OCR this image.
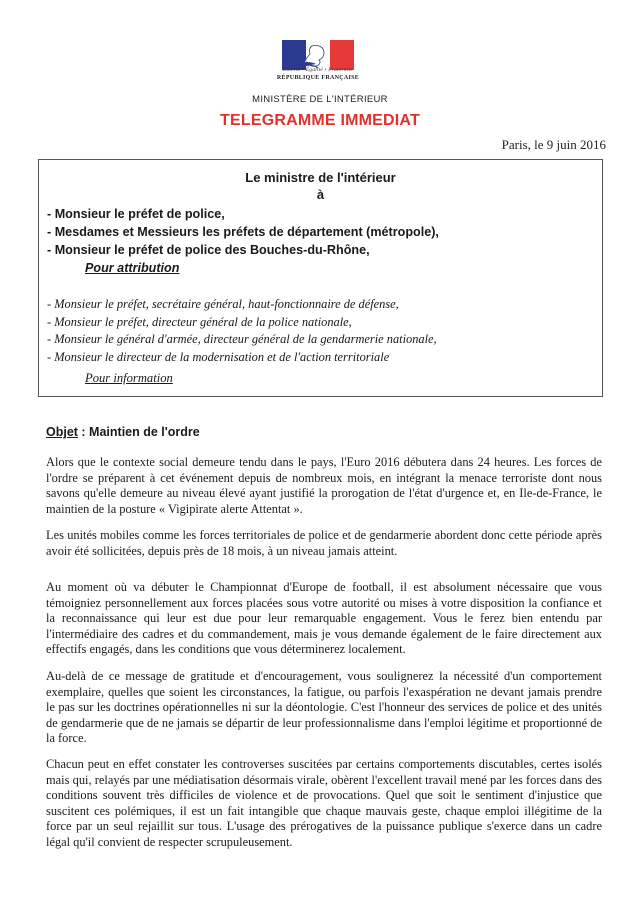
Liberté • Égalité • Fraternité
RÉPUBLIQUE FRANÇAISE
MINISTÈRE DE L'INTÉRIEUR
TELEGRAMME IMMEDIAT
Paris, le 9 juin 2016
Le ministre de l'intérieur
à
- Monsieur le préfet de police,
- Mesdames et Messieurs les préfets de département (métropole),
- Monsieur le préfet de police des Bouches-du-Rhône,
Pour attribution
- Monsieur le préfet, secrétaire général, haut-fonctionnaire de défense,
- Monsieur le préfet, directeur général de la police nationale,
- Monsieur le général d'armée, directeur général de la gendarmerie nationale,
- Monsieur le directeur de la modernisation et de l'action territoriale
Pour information
Objet : Maintien de l'ordre
Alors que le contexte social demeure tendu dans le pays, l'Euro 2016 débutera dans 24 heures. Les forces de l'ordre se préparent à cet événement depuis de nombreux mois, en intégrant la menace terroriste dont nous savons qu'elle demeure au niveau élevé ayant justifié la prorogation de l'état d'urgence et, en Ile-de-France, le maintien de la posture « Vigipirate alerte Attentat ».
Les unités mobiles comme les forces territoriales de police et de gendarmerie abordent donc cette période après avoir été sollicitées, depuis près de 18 mois, à un niveau jamais atteint.
Au moment où va débuter le Championnat d'Europe de football, il est absolument nécessaire que vous témoigniez personnellement aux forces placées sous votre autorité ou mises à votre disposition la confiance et la reconnaissance qui leur est due pour leur remarquable engagement. Vous le ferez bien entendu par l'intermédiaire des cadres et du commandement, mais je vous demande également de le faire directement aux effectifs engagés, dans les conditions que vous déterminerez localement.
Au-delà de ce message de gratitude et d'encouragement, vous soulignerez la nécessité d'un comportement exemplaire, quelles que soient les circonstances, la fatigue, ou parfois l'exaspération ne devant jamais prendre le pas sur les doctrines opérationnelles ni sur la déontologie. C'est l'honneur des services de police et des unités de gendarmerie que de ne jamais se départir de leur professionnalisme dans l'emploi légitime et proportionné de la force.
Chacun peut en effet constater les controverses suscitées par certains comportements discutables, certes isolés mais qui, relayés par une médiatisation désormais virale, obèrent l'excellent travail mené par les forces dans des conditions souvent très difficiles de violence et de provocations. Quel que soit le sentiment d'injustice que suscitent ces polémiques, il est un fait intangible que chaque mauvais geste, chaque emploi illégitime de la force par un seul rejaillit sur tous. L'usage des prérogatives de la puissance publique s'exerce dans un cadre légal qu'il convient de respecter scrupuleusement.
